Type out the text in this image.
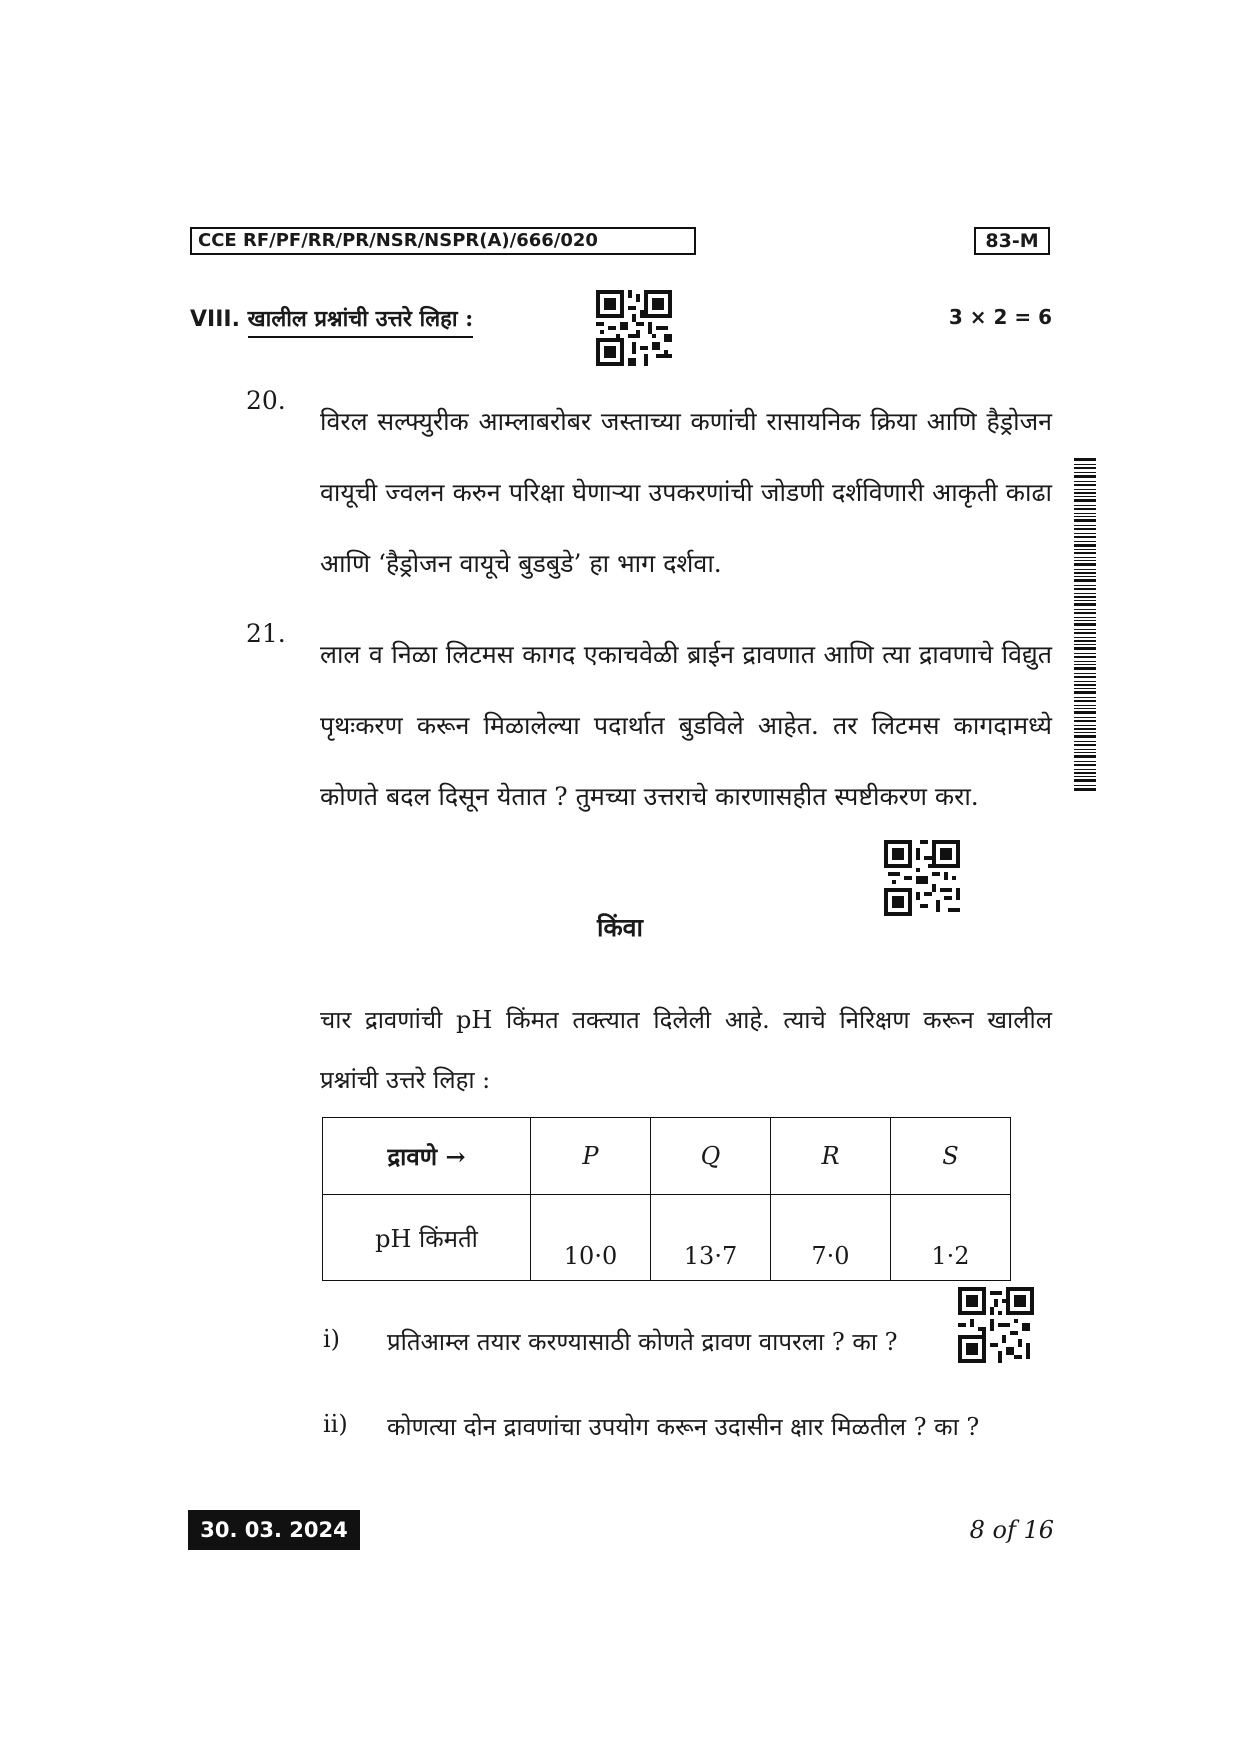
CCE RF/PF/RR/PR/NSR/NSPR(A)/666/020	83-M
VIII. खालील प्रश्नांची उत्तरे लिहा :	3 × 2 = 6
20.
विरल सल्फ्युरीक आम्लाबरोबर जस्ताच्या कणांची रासायनिक क्रिया आणि हैड्रोजन वायूची ज्वलन करुन परिक्षा घेणाऱ्या उपकरणांची जोडणी दर्शविणारी आकृती काढा आणि ‘हैड्रोजन वायूचे बुडबुडे’ हा भाग दर्शवा.
21.
लाल व निळा लिटमस कागद एकाचवेळी ब्राईन द्रावणात आणि त्या द्रावणाचे विद्युत पृथःकरण करून मिळालेल्या पदार्थात बुडविले आहेत. तर लिटमस कागदामध्ये कोणते बदल दिसून येतात ? तुमच्या उत्तराचे कारणासहीत स्पष्टीकरण करा.
किंवा
चार द्रावणांची pH किंमत तक्त्यात दिलेली आहे. त्याचे निरिक्षण करून खालील प्रश्नांची उत्तरे लिहा :
द्रावणे →	P	Q	R	S
pH किंमती	10·0	13·7	7·0	1·2
i) प्रतिआम्ल तयार करण्यासाठी कोणते द्रावण वापरला ? का ?
ii) कोणत्या दोन द्रावणांचा उपयोग करून उदासीन क्षार मिळतील ? का ?
30. 03. 2024	8 of 16
